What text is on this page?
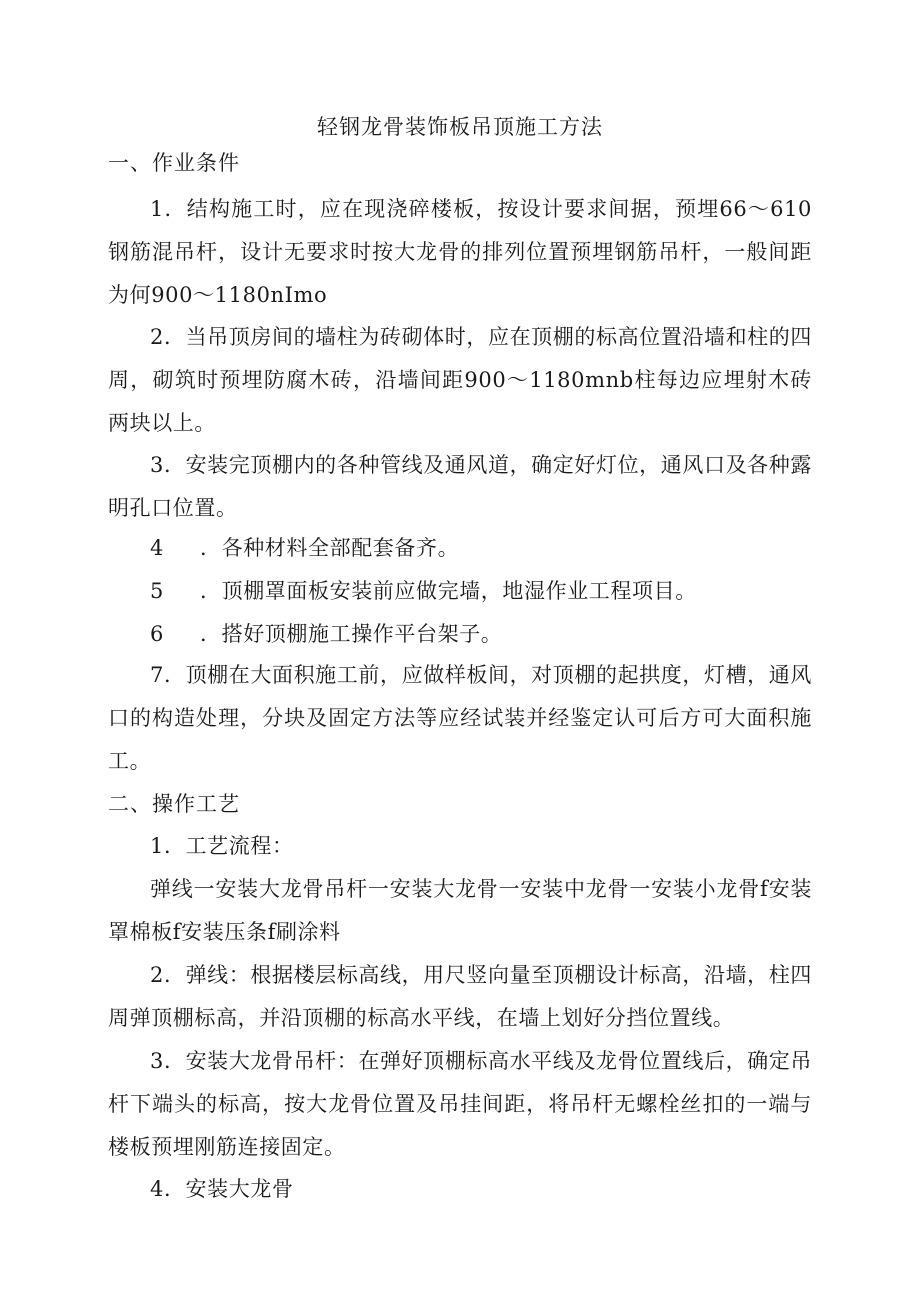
轻钢龙骨装饰板吊顶施工方法
一、作业条件

1．结构施工时，应在现浇碎楼板，按设计要求间据，预埋66～610钢筋混吊杆，设计无要求时按大龙骨的排列位置预埋钢筋吊杆，一般间距为何900～1180nImo

2．当吊顶房间的墙柱为砖砌体时，应在顶棚的标高位置沿墙和柱的四周，砌筑时预埋防腐木砖，沿墙间距900～1180mnb柱每边应埋射木砖两块以上。

3．安装完顶棚内的各种管线及通风道，确定好灯位，通风口及各种露明孔口位置。

4 ．各种材料全部配套备齐。
5 ．顶棚罩面板安装前应做完墙，地湿作业工程项目。
6 ．搭好顶棚施工操作平台架子。

7．顶棚在大面积施工前，应做样板间，对顶棚的起拱度，灯槽，通风口的构造处理，分块及固定方法等应经试装并经鉴定认可后方可大面积施工。

二、操作工艺

1．工艺流程：

弹线一安装大龙骨吊杆一安装大龙骨一安装中龙骨一安装小龙骨f安装罩棉板f安装压条f刷涂料

2．弹线：根据楼层标高线，用尺竖向量至顶棚设计标高，沿墙，柱四周弹顶棚标高，并沿顶棚的标高水平线，在墙上划好分挡位置线。

3．安装大龙骨吊杆：在弹好顶棚标高水平线及龙骨位置线后，确定吊杆下端头的标高，按大龙骨位置及吊挂间距，将吊杆无螺栓丝扣的一端与楼板预埋刚筋连接固定。

4．安装大龙骨
